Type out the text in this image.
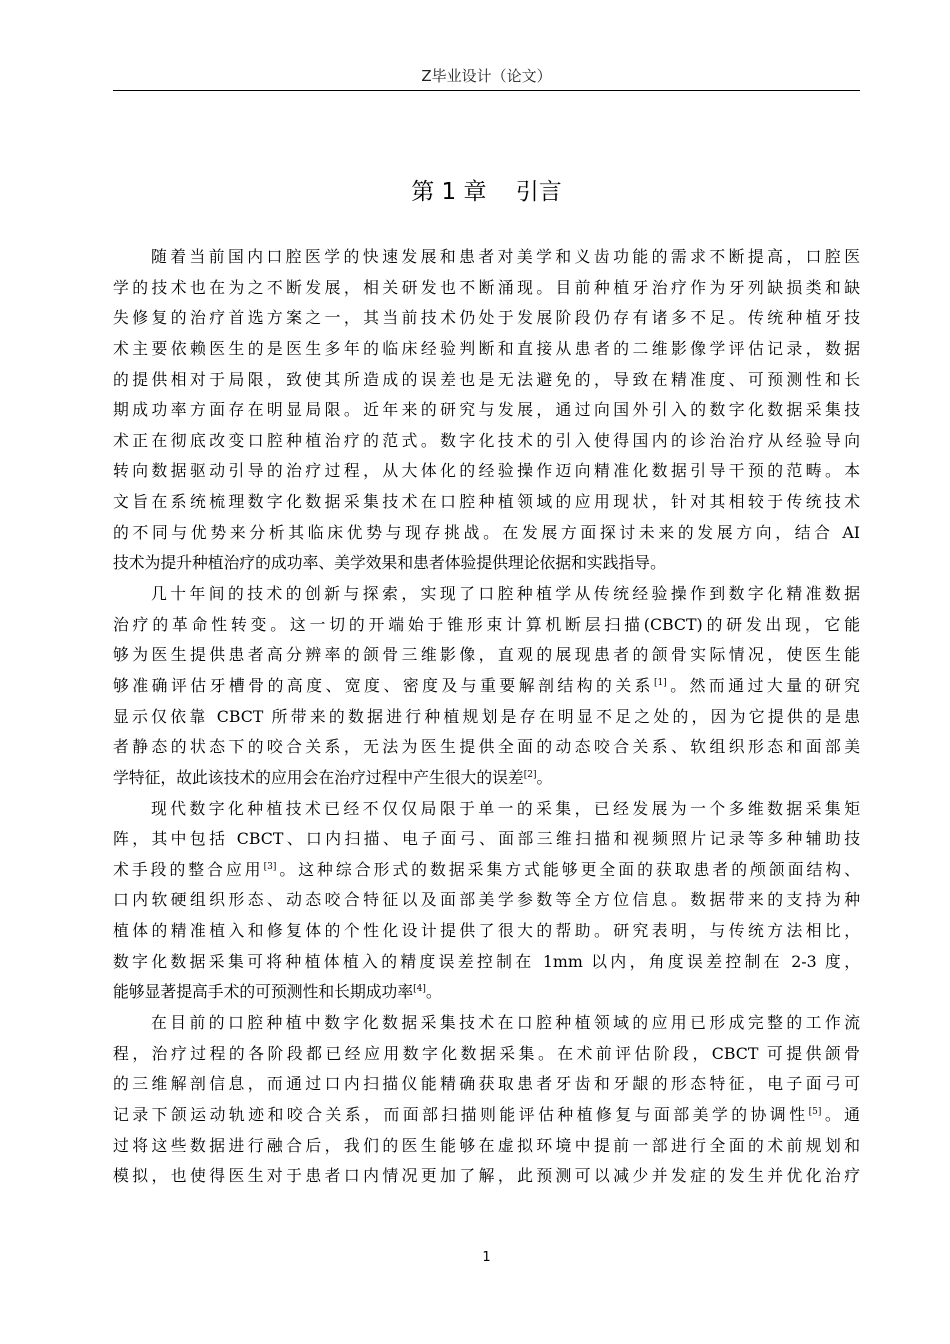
Z毕业设计（论文）
第 1 章    引言
随着当前国内口腔医学的快速发展和患者对美学和义齿功能的需求不断提高，口腔医
学的技术也在为之不断发展，相关研发也不断涌现。目前种植牙治疗作为牙列缺损类和缺
失修复的治疗首选方案之一，其当前技术仍处于发展阶段仍存有诸多不足。传统种植牙技
术主要依赖医生的是医生多年的临床经验判断和直接从患者的二维影像学评估记录，数据
的提供相对于局限，致使其所造成的误差也是无法避免的，导致在精准度、可预测性和长
期成功率方面存在明显局限。近年来的研究与发展，通过向国外引入的数字化数据采集技
术正在彻底改变口腔种植治疗的范式。数字化技术的引入使得国内的诊治治疗从经验导向
转向数据驱动引导的治疗过程，从大体化的经验操作迈向精准化数据引导干预的范畴。本
文旨在系统梳理数字化数据采集技术在口腔种植领域的应用现状，针对其相较于传统技术
的不同与优势来分析其临床优势与现存挑战。在发展方面探讨未来的发展方向，结合 AI
技术为提升种植治疗的成功率、美学效果和患者体验提供理论依据和实践指导。
几十年间的技术的创新与探索，实现了口腔种植学从传统经验操作到数字化精准数据
治疗的革命性转变。这一切的开端始于锥形束计算机断层扫描(CBCT)的研发出现，它能
够为医生提供患者高分辨率的颌骨三维影像，直观的展现患者的颌骨实际情况，使医生能
够准确评估牙槽骨的高度、宽度、密度及与重要解剖结构的关系[1]。然而通过大量的研究
显示仅依靠 CBCT 所带来的数据进行种植规划是存在明显不足之处的，因为它提供的是患
者静态的状态下的咬合关系，无法为医生提供全面的动态咬合关系、软组织形态和面部美
学特征，故此该技术的应用会在治疗过程中产生很大的误差[2]。
现代数字化种植技术已经不仅仅局限于单一的采集，已经发展为一个多维数据采集矩
阵，其中包括 CBCT、口内扫描、电子面弓、面部三维扫描和视频照片记录等多种辅助技
术手段的整合应用[3]。这种综合形式的数据采集方式能够更全面的获取患者的颅颌面结构、
口内软硬组织形态、动态咬合特征以及面部美学参数等全方位信息。数据带来的支持为种
植体的精准植入和修复体的个性化设计提供了很大的帮助。研究表明，与传统方法相比，
数字化数据采集可将种植体植入的精度误差控制在 1mm 以内，角度误差控制在 2-3 度，
能够显著提高手术的可预测性和长期成功率[4]。
在目前的口腔种植中数字化数据采集技术在口腔种植领域的应用已形成完整的工作流
程，治疗过程的各阶段都已经应用数字化数据采集。在术前评估阶段，CBCT 可提供颌骨
的三维解剖信息，而通过口内扫描仪能精确获取患者牙齿和牙龈的形态特征，电子面弓可
记录下颌运动轨迹和咬合关系，而面部扫描则能评估种植修复与面部美学的协调性[5]。通
过将这些数据进行融合后，我们的医生能够在虚拟环境中提前一部进行全面的术前规划和
模拟，也使得医生对于患者口内情况更加了解，此预测可以减少并发症的发生并优化治疗
1
